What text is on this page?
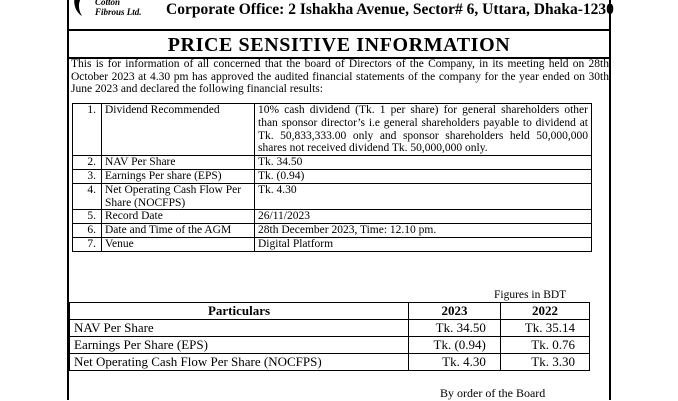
Cotton
Fibrous Ltd.	Corporate Office: 2 Ishakha Avenue, Sector# 6, Uttara, Dhaka-1230
PRICE SENSITIVE INFORMATION
This is for information of all concerned that the board of Directors of the Company, in its meeting held on 28th October 2023 at 4.30 pm has approved the audited financial statements of the company for the year ended on 30th June 2023 and declared the following financial results:
1.	Dividend Recommended	10% cash dividend (Tk. 1 per share) for general shareholders other than sponsor director’s i.e general shareholders payable to dividend at Tk. 50,833,333.00 only and sponsor shareholders held 50,000,000 shares not received dividend Tk. 50,000,000 only.
2.	NAV Per Share	Tk. 34.50
3.	Earnings Per share (EPS)	Tk. (0.94)
4.	Net Operating Cash Flow Per Share (NOCFPS)	Tk. 4.30
5.	Record Date	26/11/2023
6.	Date and Time of the AGM	28th December 2023, Time: 12.10 pm.
7.	Venue	Digital Platform
Figures in BDT
Particulars	2023	2022
NAV Per Share	Tk. 34.50	Tk. 35.14
Earnings Per Share (EPS)	Tk. (0.94)	Tk. 0.76
Net Operating Cash Flow Per Share (NOCFPS)	Tk. 4.30	Tk. 3.30
By order of the Board
